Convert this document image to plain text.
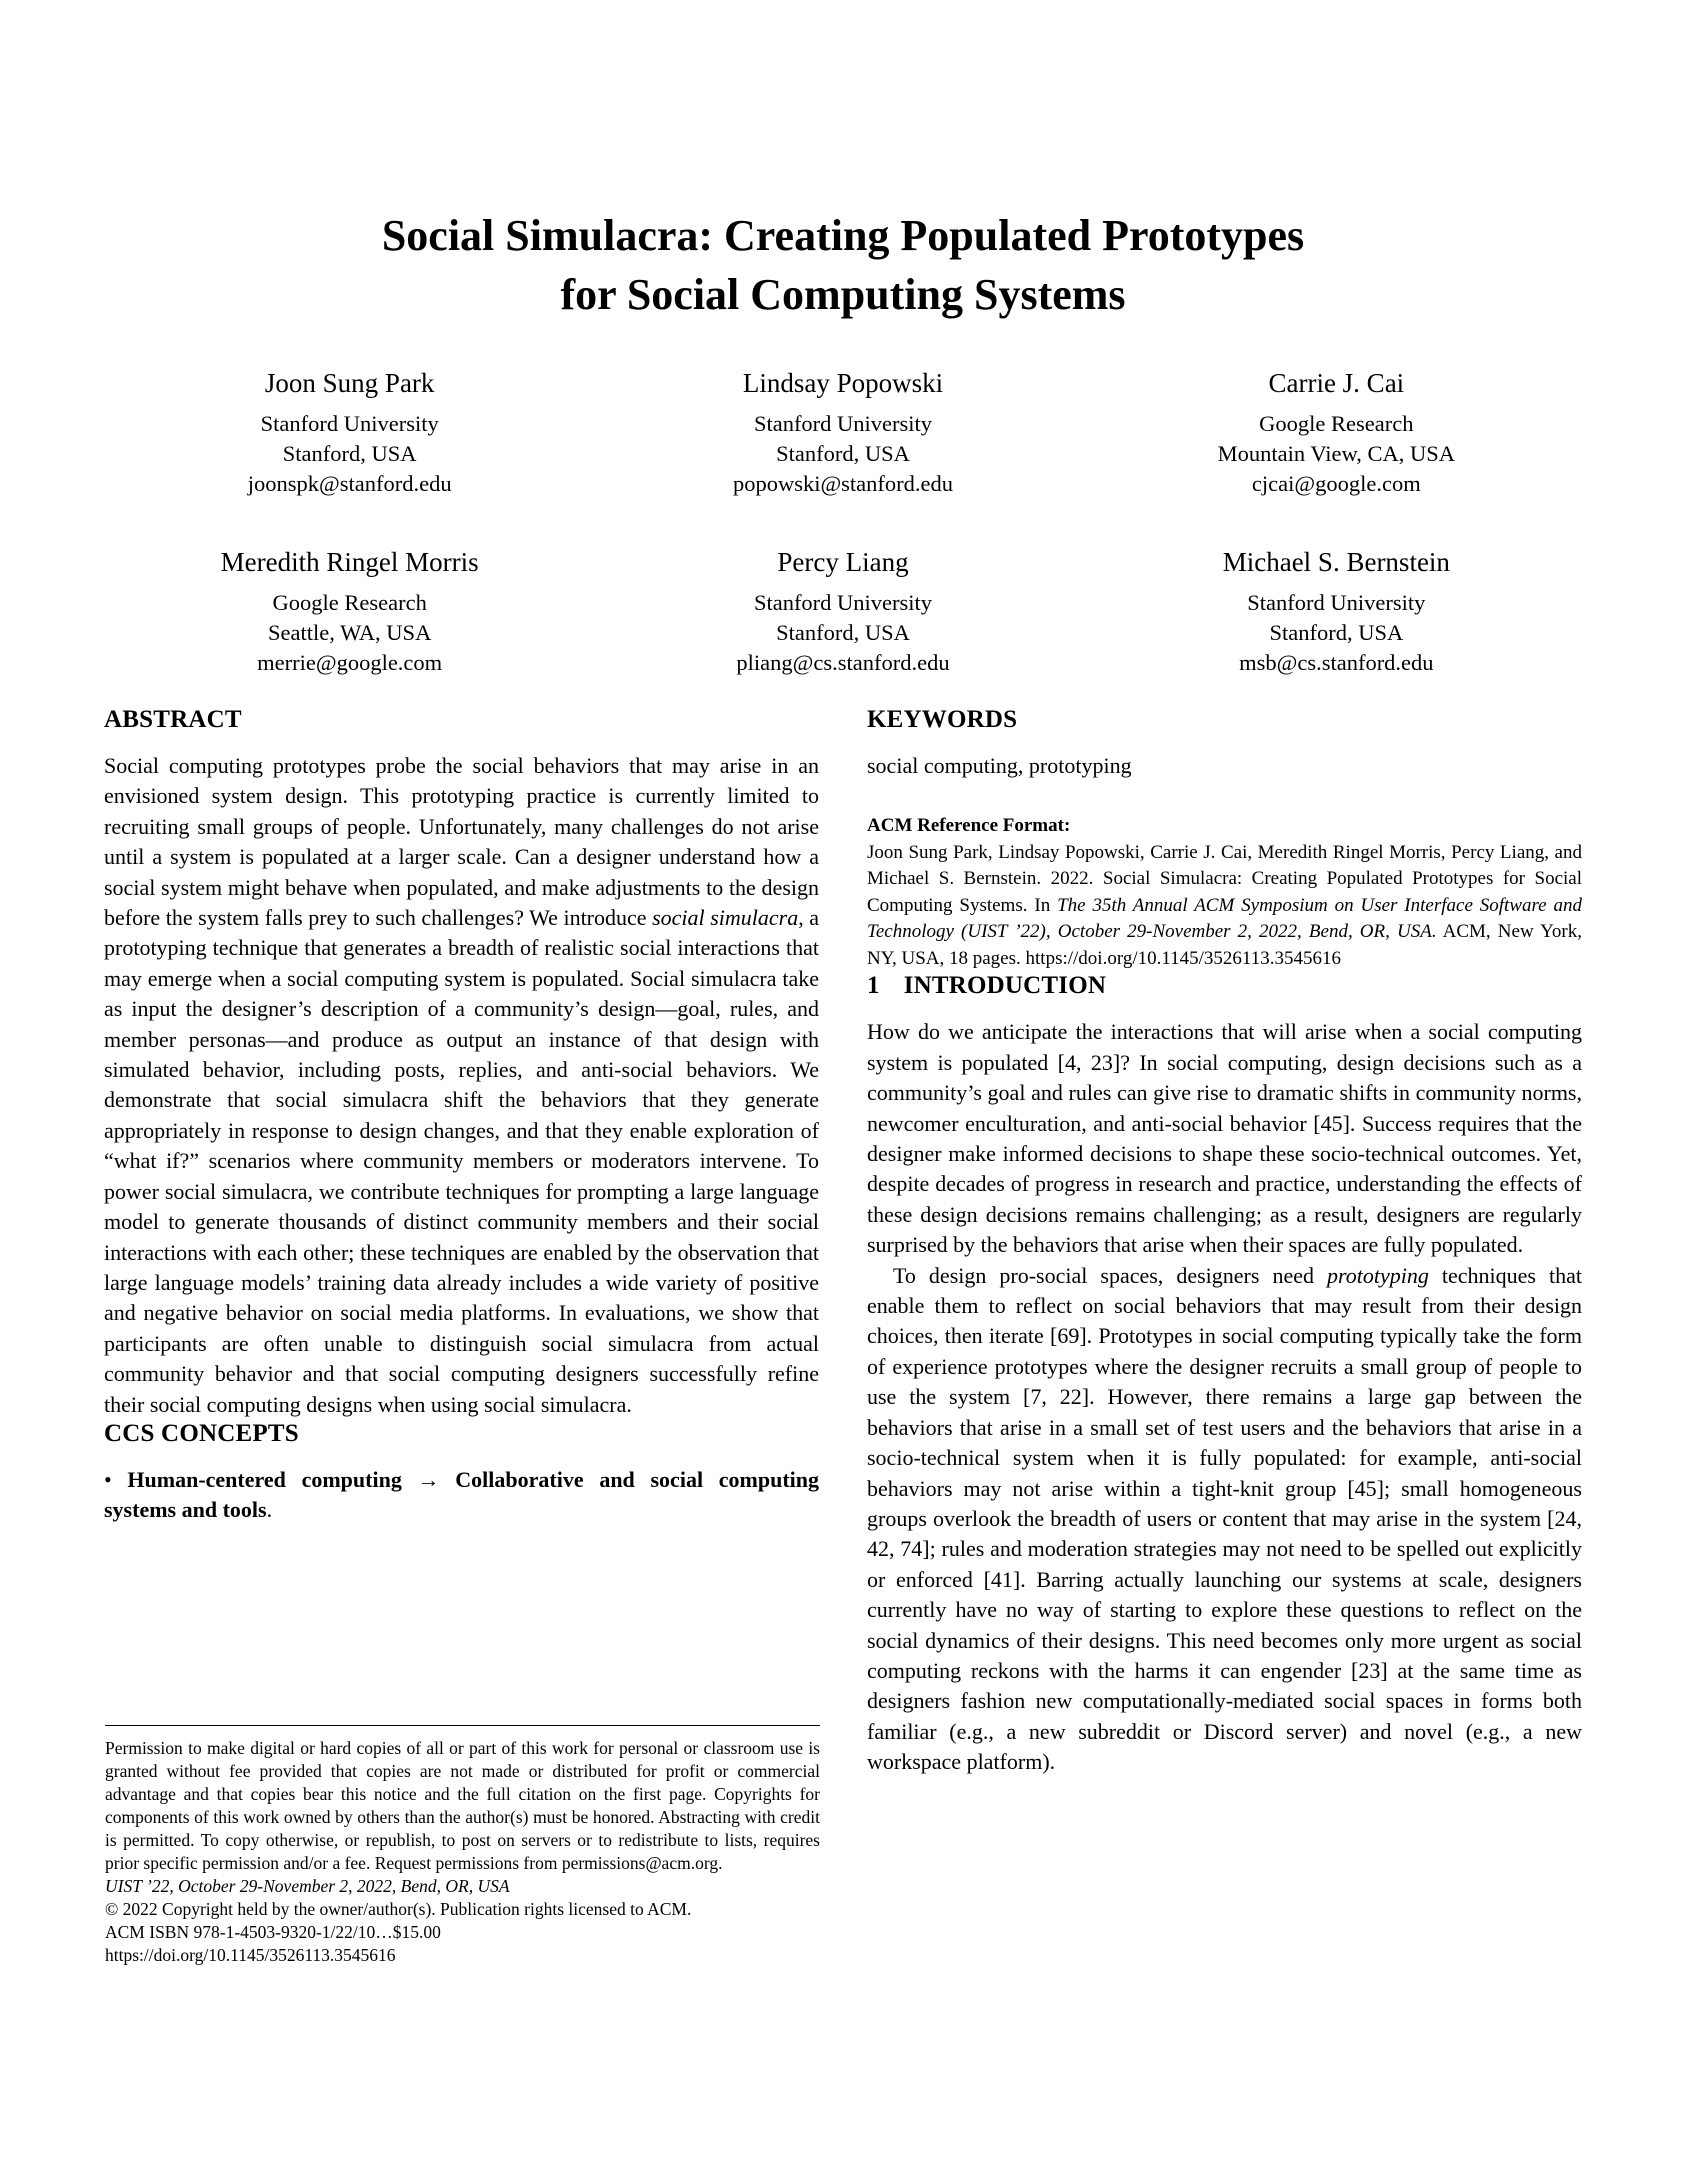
Social Simulacra: Creating Populated Prototypes
for Social Computing Systems
Joon Sung Park
Stanford University
Stanford, USA
joonspk@stanford.edu
Lindsay Popowski
Stanford University
Stanford, USA
popowski@stanford.edu
Carrie J. Cai
Google Research
Mountain View, CA, USA
cjcai@google.com
Meredith Ringel Morris
Google Research
Seattle, WA, USA
merrie@google.com
Percy Liang
Stanford University
Stanford, USA
pliang@cs.stanford.edu
Michael S. Bernstein
Stanford University
Stanford, USA
msb@cs.stanford.edu
ABSTRACT

Social computing prototypes probe the social behaviors that may arise in an envisioned system design. This prototyping practice is currently limited to recruiting small groups of people. Unfortunately, many challenges do not arise until a system is populated at a larger scale. Can a designer understand how a social system might behave when populated, and make adjustments to the design before the system falls prey to such challenges? We introduce social simulacra, a prototyping technique that generates a breadth of realistic social interactions that may emerge when a social computing system is populated. Social simulacra take as input the designer’s description of a community’s design—goal, rules, and member personas—and produce as output an instance of that design with simulated behavior, including posts, replies, and anti-social behaviors. We demonstrate that social simulacra shift the behaviors that they generate appropriately in response to design changes, and that they enable exploration of “what if?” scenarios where community members or moderators intervene. To power social simulacra, we contribute techniques for prompting a large language model to generate thousands of distinct community members and their social interactions with each other; these techniques are enabled by the observation that large language models’ training data already includes a wide variety of positive and negative behavior on social media platforms. In evaluations, we show that participants are often unable to distinguish social simulacra from actual community behavior and that social computing designers successfully refine their social computing designs when using social simulacra.

CCS CONCEPTS

• Human-centered computing → Collaborative and social computing systems and tools.

KEYWORDS

social computing, prototyping

ACM Reference Format:

Joon Sung Park, Lindsay Popowski, Carrie J. Cai, Meredith Ringel Morris, Percy Liang, and Michael S. Bernstein. 2022. Social Simulacra: Creating Populated Prototypes for Social Computing Systems. In The 35th Annual ACM Symposium on User Interface Software and Technology (UIST ’22), October 29-November 2, 2022, Bend, OR, USA. ACM, New York, NY, USA, 18 pages. https://doi.org/10.1145/3526113.3545616

1 INTRODUCTION

How do we anticipate the interactions that will arise when a social computing system is populated [4, 23]? In social computing, design decisions such as a community’s goal and rules can give rise to dramatic shifts in community norms, newcomer enculturation, and anti-social behavior [45]. Success requires that the designer make informed decisions to shape these socio-technical outcomes. Yet, despite decades of progress in research and practice, understanding the effects of these design decisions remains challenging; as a result, designers are regularly surprised by the behaviors that arise when their spaces are fully populated.

To design pro-social spaces, designers need prototyping techniques that enable them to reflect on social behaviors that may result from their design choices, then iterate [69]. Prototypes in social computing typically take the form of experience prototypes where the designer recruits a small group of people to use the system [7, 22]. However, there remains a large gap between the behaviors that arise in a small set of test users and the behaviors that arise in a socio-technical system when it is fully populated: for example, anti-social behaviors may not arise within a tight-knit group [45]; small homogeneous groups overlook the breadth of users or content that may arise in the system [24, 42, 74]; rules and moderation strategies may not need to be spelled out explicitly or enforced [41]. Barring actually launching our systems at scale, designers currently have no way of starting to explore these questions to reflect on the social dynamics of their designs. This need becomes only more urgent as social computing reckons with the harms it can engender [23] at the same time as designers fashion new computationally-mediated social spaces in forms both familiar (e.g., a new subreddit or Discord server) and novel (e.g., a new workspace platform).

Permission to make digital or hard copies of all or part of this work for personal or classroom use is granted without fee provided that copies are not made or distributed for profit or commercial advantage and that copies bear this notice and the full citation on the first page. Copyrights for components of this work owned by others than the author(s) must be honored. Abstracting with credit is permitted. To copy otherwise, or republish, to post on servers or to redistribute to lists, requires prior specific permission and/or a fee. Request permissions from permissions@acm.org.

UIST ’22, October 29-November 2, 2022, Bend, OR, USA

© 2022 Copyright held by the owner/author(s). Publication rights licensed to ACM.

ACM ISBN 978-1-4503-9320-1/22/10…$15.00

https://doi.org/10.1145/3526113.3545616
